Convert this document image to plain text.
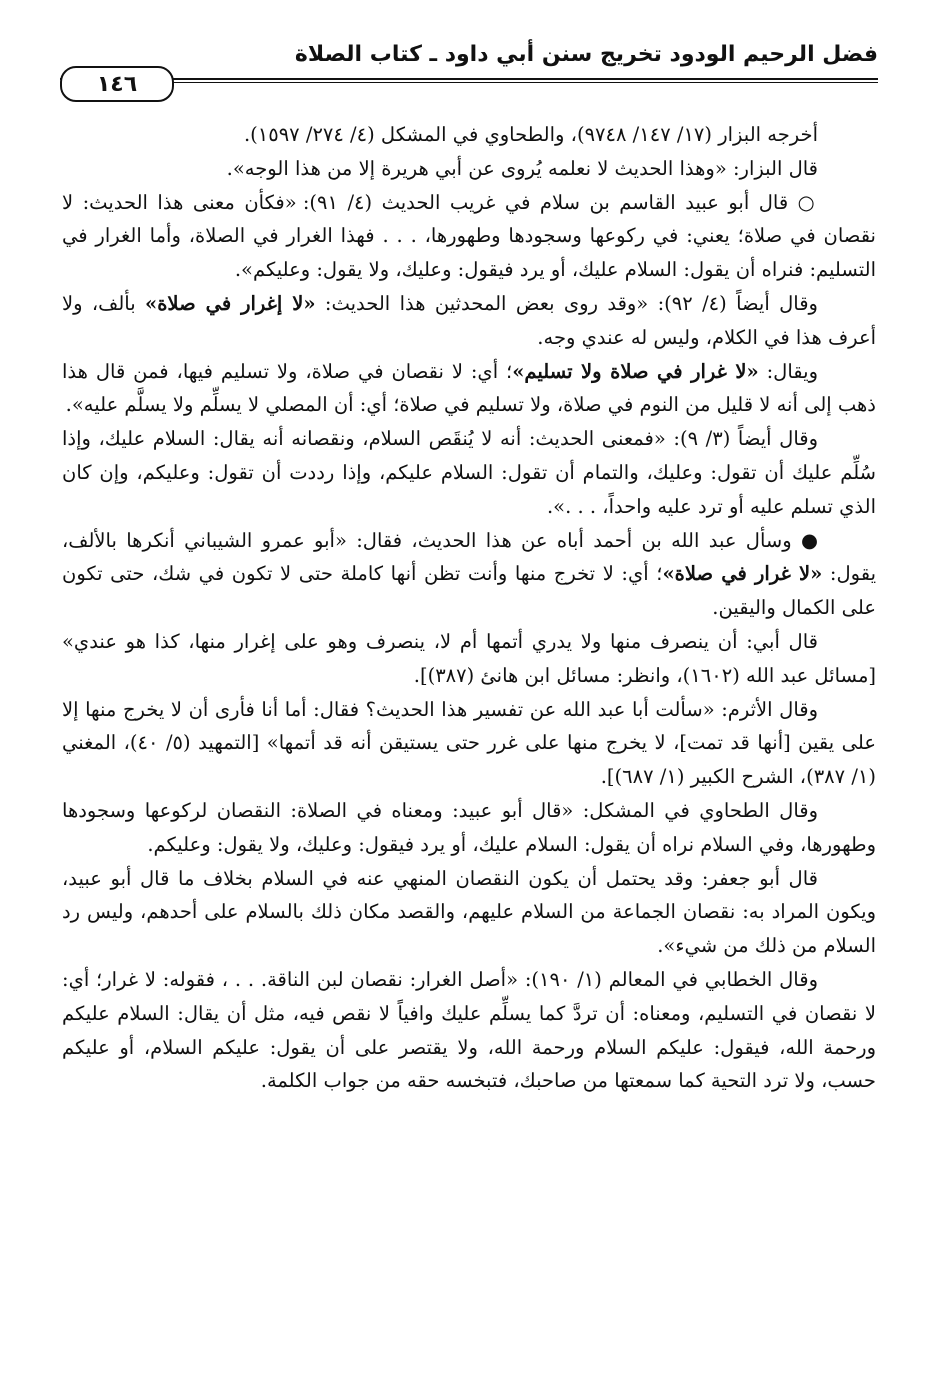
فضل الرحيم الودود تخريج سنن أبي داود ـ كتاب الصلاة
١٤٦

أخرجه البزار (١٧/ ١٤٧/ ٩٧٤٨)، والطحاوي في المشكل (٤/ ٢٧٤/ ١٥٩٧).

قال البزار: «وهذا الحديث لا نعلمه يُروى عن أبي هريرة إلا من هذا الوجه».

○ قال أبو عبيد القاسم بن سلام في غريب الحديث (٤/ ٩١): «فكأن معنى هذا الحديث: لا نقصان في صلاة؛ يعني: في ركوعها وسجودها وطهورها، . . . فهذا الغرار في الصلاة، وأما الغرار في التسليم: فنراه أن يقول: السلام عليك، أو يرد فيقول: وعليك، ولا يقول: وعليكم».

وقال أيضاً (٤/ ٩٢): «وقد روى بعض المحدثين هذا الحديث: «لا إغرار في صلاة» بألف، ولا أعرف هذا في الكلام، وليس له عندي وجه.

ويقال: «لا غرار في صلاة ولا تسليم»؛ أي: لا نقصان في صلاة، ولا تسليم فيها، فمن قال هذا ذهب إلى أنه لا قليل من النوم في صلاة، ولا تسليم في صلاة؛ أي: أن المصلي لا يسلِّم ولا يسلَّم عليه».

وقال أيضاً (٣/ ٩): «فمعنى الحديث: أنه لا يُنقَص السلام، ونقصانه أنه يقال: السلام عليك، وإذا سُلِّم عليك أن تقول: وعليك، والتمام أن تقول: السلام عليكم، وإذا رددت أن تقول: وعليكم، وإن كان الذي تسلم عليه أو ترد عليه واحداً، . . .».

● وسأل عبد الله بن أحمد أباه عن هذا الحديث، فقال: «أبو عمرو الشيباني أنكرها بالألف، يقول: «لا غرار في صلاة»؛ أي: لا تخرج منها وأنت تظن أنها كاملة حتى لا تكون في شك، حتى تكون على الكمال واليقين.

قال أبي: أن ينصرف منها ولا يدري أتمها أم لا، ينصرف وهو على إغرار منها، كذا هو عندي» [مسائل عبد الله (١٦٠٢)، وانظر: مسائل ابن هانئ (٣٨٧)].

وقال الأثرم: «سألت أبا عبد الله عن تفسير هذا الحديث؟ فقال: أما أنا فأرى أن لا يخرج منها إلا على يقين [أنها قد تمت]، لا يخرج منها على غرر حتى يستيقن أنه قد أتمها» [التمهيد (٥/ ٤٠)، المغني (١/ ٣٨٧)، الشرح الكبير (١/ ٦٨٧)].

وقال الطحاوي في المشكل: «قال أبو عبيد: ومعناه في الصلاة: النقصان لركوعها وسجودها وطهورها، وفي السلام نراه أن يقول: السلام عليك، أو يرد فيقول: وعليك، ولا يقول: وعليكم.

قال أبو جعفر: وقد يحتمل أن يكون النقصان المنهي عنه في السلام بخلاف ما قال أبو عبيد، ويكون المراد به: نقصان الجماعة من السلام عليهم، والقصد مكان ذلك بالسلام على أحدهم، وليس رد السلام من ذلك من شيء».

وقال الخطابي في المعالم (١/ ١٩٠): «أصل الغرار: نقصان لبن الناقة. . . ، فقوله: لا غرار؛ أي: لا نقصان في التسليم، ومعناه: أن تردَّ كما يسلِّم عليك وافياً لا نقص فيه، مثل أن يقال: السلام عليكم ورحمة الله، فيقول: عليكم السلام ورحمة الله، ولا يقتصر على أن يقول: عليكم السلام، أو عليكم حسب، ولا ترد التحية كما سمعتها من صاحبك، فتبخسه حقه من جواب الكلمة.
